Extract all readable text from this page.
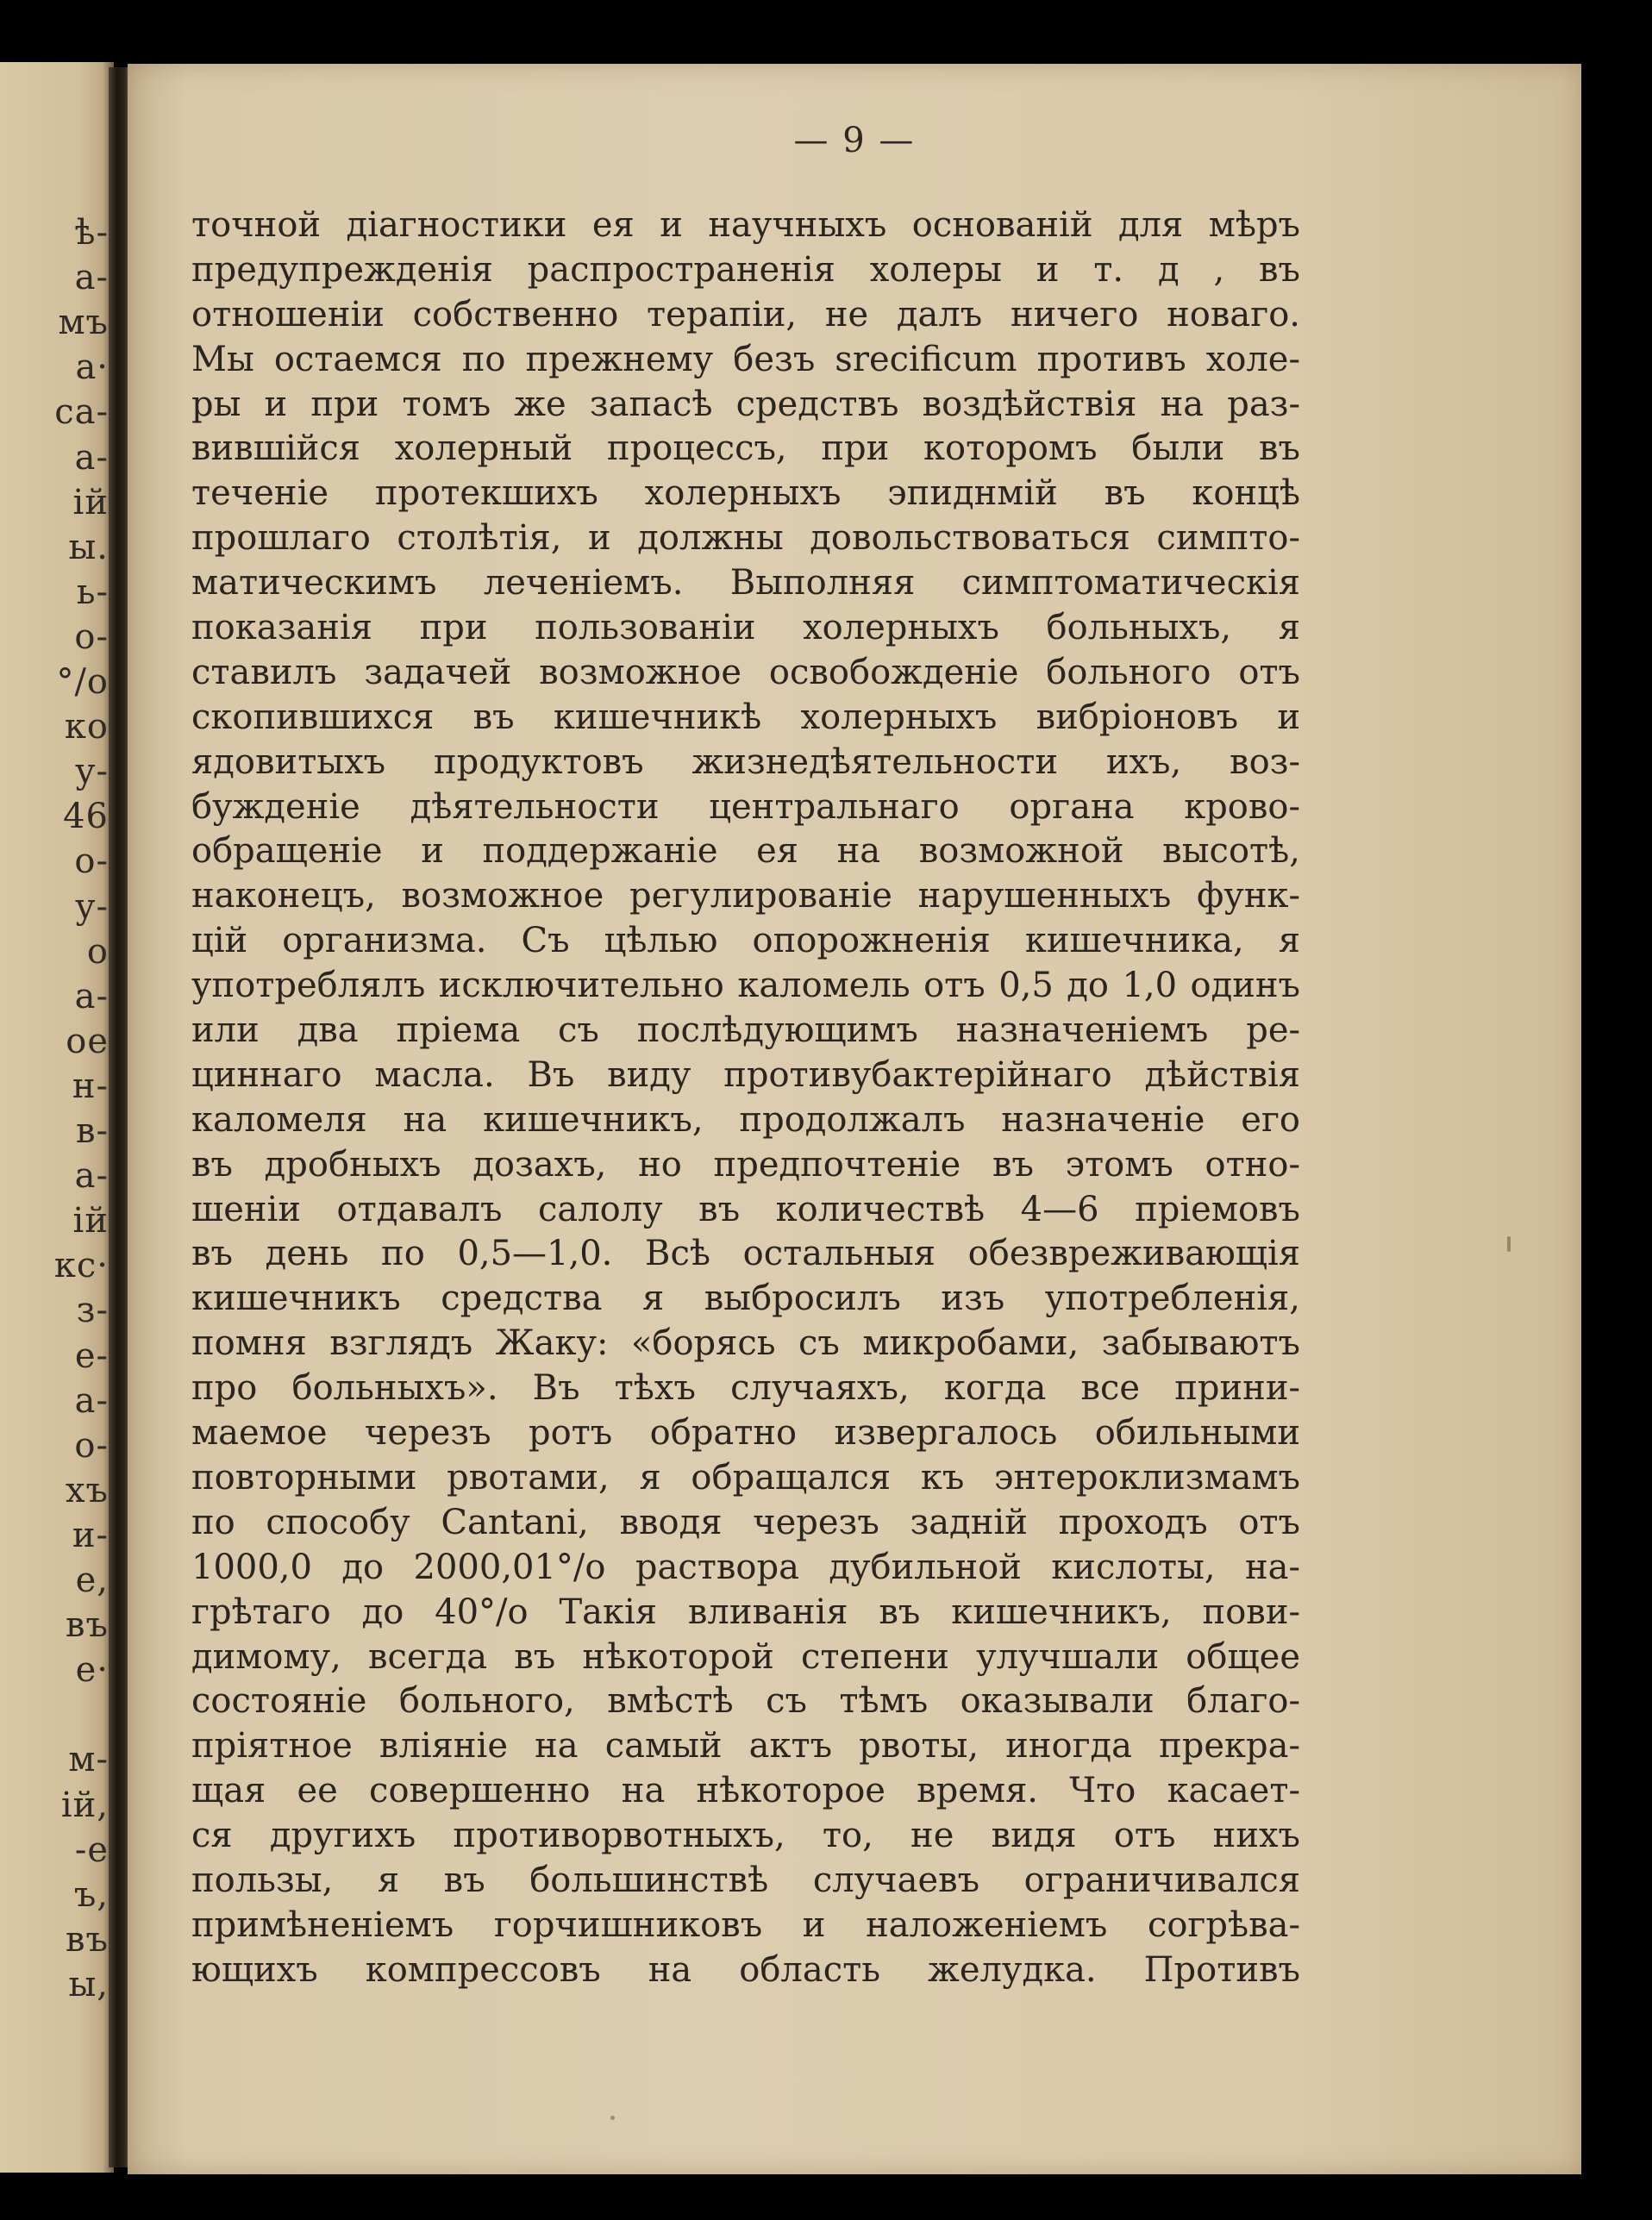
ѣ-
а-
мъ
а·
са-
а-
ій
ы.
ь-
о-
°/о
ко
у-
46
о-
у-
о
а-
ое
н-
в-
а-
ій
кс·
з-
е-
а-
о-
хъ
и-
е,
въ
е·
м-
ій,
-е
ъ,
въ
ы,
— 9 —
точной діагностики ея и научныхъ основаній для мѣръ
предупрежденія распространенія холеры и т. д , въ
отношеніи собственно терапіи, не далъ ничего новаго.
Мы остаемся по прежнему безъ srecificum противъ холе-
ры и при томъ же запасѣ средствъ воздѣйствія на раз-
вившійся холерный процессъ, при которомъ были въ
теченіе протекшихъ холерныхъ эпиднмій въ концѣ
прошлаго столѣтія, и должны довольствоваться симпто-
матическимъ леченіемъ. Выполняя симптоматическія
показанія при пользованіи холерныхъ больныхъ, я
ставилъ задачей возможное освобожденіе больного отъ
скопившихся въ кишечникѣ холерныхъ вибріоновъ и
ядовитыхъ продуктовъ жизнедѣятельности ихъ, воз-
бужденіе дѣятельности центральнаго органа крово-
обращеніе и поддержаніе ея на возможной высотѣ,
наконецъ, возможное регулированіе нарушенныхъ функ-
цій организма. Съ цѣлью опорожненія кишечника, я
употреблялъ исключительно каломель отъ 0,5 до 1,0 одинъ
или два пріема съ послѣдующимъ назначеніемъ ре-
циннаго масла. Въ виду противубактерійнаго дѣйствія
каломеля на кишечникъ, продолжалъ назначеніе его
въ дробныхъ дозахъ, но предпочтеніе въ этомъ отно-
шеніи отдавалъ салолу въ количествѣ 4—6 пріемовъ
въ день по 0,5—1,0. Всѣ остальныя обезвреживающія
кишечникъ средства я выбросилъ изъ употребленія,
помня взглядъ Жаку: «борясь съ микробами, забываютъ
про больныхъ». Въ тѣхъ случаяхъ, когда все прини-
маемое черезъ ротъ обратно извергалось обильными
повторными рвотами, я обращался къ энтероклизмамъ
по способу Cantani, вводя черезъ заднiй проходъ отъ
1000,0 до 2000,01°/о раствора дубильной кислоты, на-
грѣтаго до 40°/о Такія вливанія въ кишечникъ, пови-
димому, всегда въ нѣкоторой степени улучшали общее
состояніе больного, вмѣстѣ съ тѣмъ оказывали благо-
пріятное вліяніе на самый актъ рвоты, иногда прекра-
щая ее совершенно на нѣкоторое время. Что касает-
ся другихъ противорвотныхъ, то, не видя отъ нихъ
пользы, я въ большинствѣ случаевъ ограничивался
примѣненіемъ горчишниковъ и наложеніемъ согрѣва-
ющихъ компрессовъ на область желудка. Противъ
